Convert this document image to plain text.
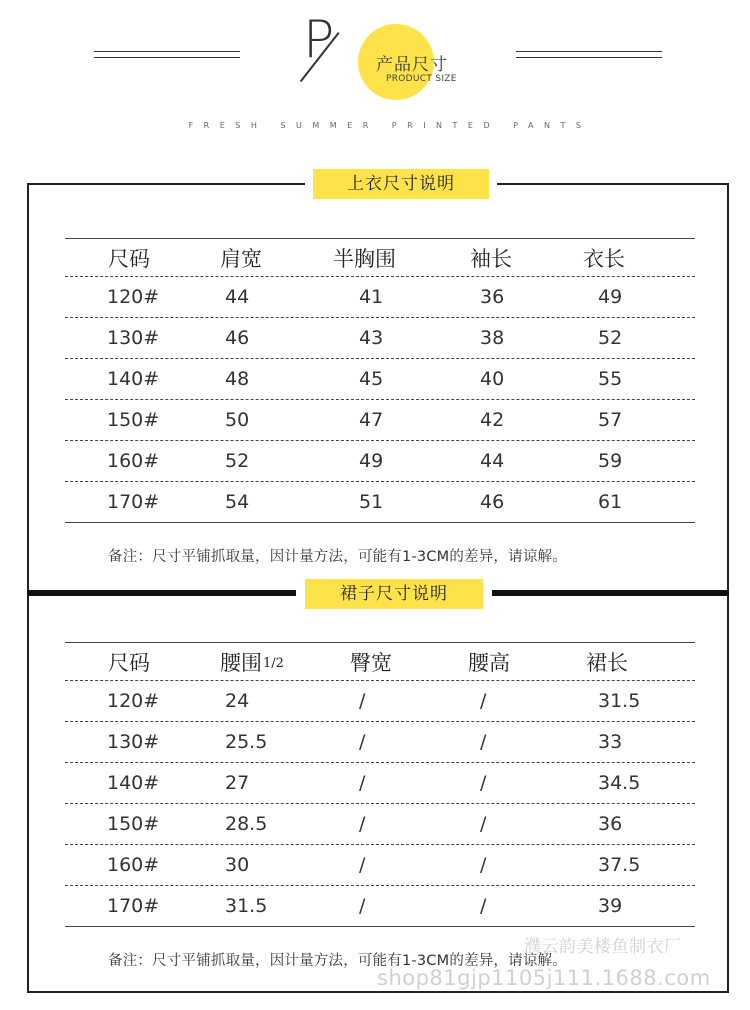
P 产品尺寸
PRODUCT SIZE
FRESH SUMMER PRINTED PANTS
上衣尺寸说明
裙子尺寸说明
尺码	肩宽	半胸围	袖长	衣长
120#	44	41	36	49
130#	46	43	38	52
140#	48	45	40	55
150#	50	47	42	57
160#	52	49	44	59
170#	54	51	46	61
备注：尺寸平铺抓取量，因计量方法，可能有1-3CM的差异，请谅解。
尺码	腰围 1/2	臀宽	腰高	裙长
120#	24	/	/	31.5
130#	25.5	/	/	33
140#	27	/	/	34.5
150#	28.5	/	/	36
160#	30	/	/	37.5
170#	31.5	/	/	39
备注：尺寸平铺抓取量，因计量方法，可能有1-3CM的差异，请谅解。
濮云韵美楼鱼制衣厂
shop81gjp1105j111.1688.com
